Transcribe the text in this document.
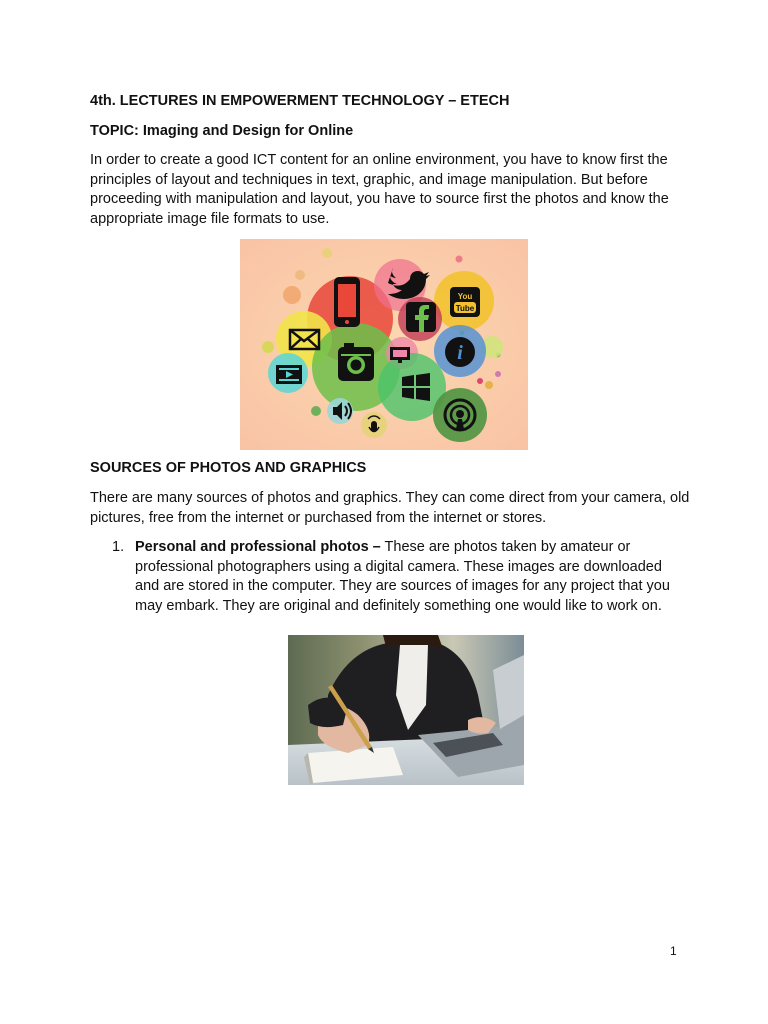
4th. LECTURES IN EMPOWERMENT TECHNOLOGY – ETECH
TOPIC: Imaging and Design for Online
In order to create a good ICT content for an online environment, you have to know first the principles of layout and techniques in text, graphic, and image manipulation. But before proceeding with manipulation and layout, you have to source first the photos and know the appropriate image file formats to use.
You
Tube
i
SOURCES OF PHOTOS AND GRAPHICS
There are many sources of photos and graphics. They can come direct from your camera, old pictures, free from the internet or purchased from the internet or stores.
1. Personal and professional photos – These are photos taken by amateur or professional photographers using a digital camera. These images are downloaded and are stored in the computer. They are sources of images for any project that you may embark. They are original and definitely something one would like to work on.
1
